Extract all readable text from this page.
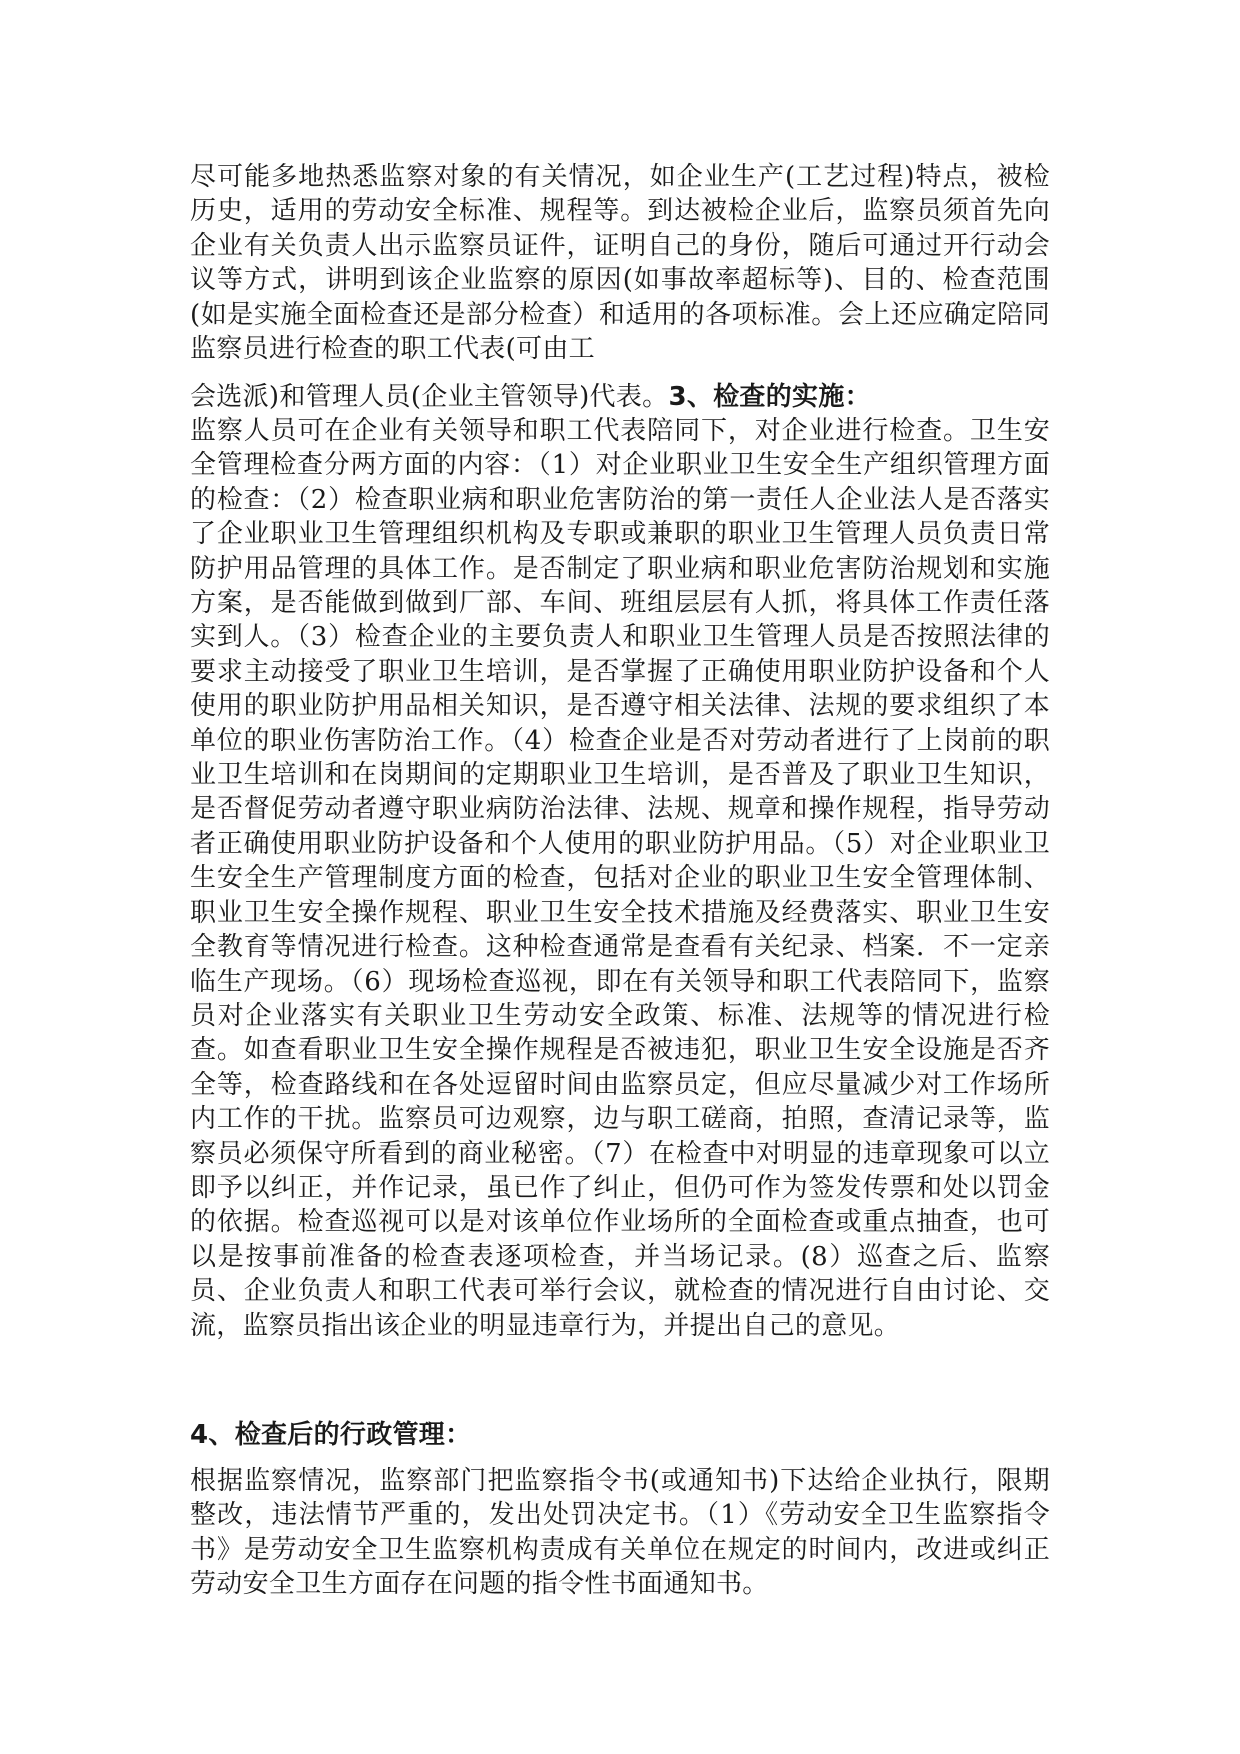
尽可能多地热悉监察对象的有关情况，如企业生产(工艺过程)特点，被检历史，适用的劳动安全标准、规程等。到达被检企业后，监察员须首先向企业有关负责人出示监察员证件，证明自己的身份，随后可通过开行动会议等方式，讲明到该企业监察的原因(如事故率超标等)、目的、检查范围(如是实施全面检查还是部分检查）和适用的各项标准。会上还应确定陪同监察员进行检查的职工代表(可由工
会选派)和管理人员(企业主管领导)代表。3、检查的实施：
监察人员可在企业有关领导和职工代表陪同下，对企业进行检查。卫生安全管理检查分两方面的内容：（1）对企业职业卫生安全生产组织管理方面的检查：（2）检查职业病和职业危害防治的第一责任人企业法人是否落实了企业职业卫生管理组织机构及专职或兼职的职业卫生管理人员负责日常防护用品管理的具体工作。是否制定了职业病和职业危害防治规划和实施方案，是否能做到做到厂部、车间、班组层层有人抓，将具体工作责任落实到人。（3）检查企业的主要负责人和职业卫生管理人员是否按照法律的要求主动接受了职业卫生培训，是否掌握了正确使用职业防护设备和个人使用的职业防护用品相关知识，是否遵守相关法律、法规的要求组织了本单位的职业伤害防治工作。（4）检查企业是否对劳动者进行了上岗前的职业卫生培训和在岗期间的定期职业卫生培训，是否普及了职业卫生知识，是否督促劳动者遵守职业病防治法律、法规、规章和操作规程，指导劳动者正确使用职业防护设备和个人使用的职业防护用品。（5）对企业职业卫生安全生产管理制度方面的检查，包括对企业的职业卫生安全管理体制、职业卫生安全操作规程、职业卫生安全技术措施及经费落实、职业卫生安全教育等情况进行检查。这种检查通常是查看有关纪录、档案．不一定亲临生产现场。（6）现场检查巡视，即在有关领导和职工代表陪同下，监察员对企业落实有关职业卫生劳动安全政策、标准、法规等的情况进行检查。如查看职业卫生安全操作规程是否被违犯，职业卫生安全设施是否齐全等，检查路线和在各处逗留时间由监察员定，但应尽量减少对工作场所内工作的干扰。监察员可边观察，边与职工磋商，拍照，查清记录等，监察员必须保守所看到的商业秘密。（7）在检查中对明显的违章现象可以立即予以纠正，并作记录，虽已作了纠止，但仍可作为签发传票和处以罚金的依据。检查巡视可以是对该单位作业场所的全面检查或重点抽查，也可以是按事前准备的检查表逐项检查，并当场记录。(8）巡查之后、监察员、企业负责人和职工代表可举行会议，就检查的情况进行自由讨论、交流，监察员指出该企业的明显违章行为，并提出自己的意见。
4、检查后的行政管理：
根据监察情况，监察部门把监察指令书(或通知书)下达给企业执行，限期整改，违法情节严重的，发出处罚决定书。（1）《劳动安全卫生监察指令书》是劳动安全卫生监察机构责成有关单位在规定的时间内，改进或纠正劳动安全卫生方面存在问题的指令性书面通知书。
